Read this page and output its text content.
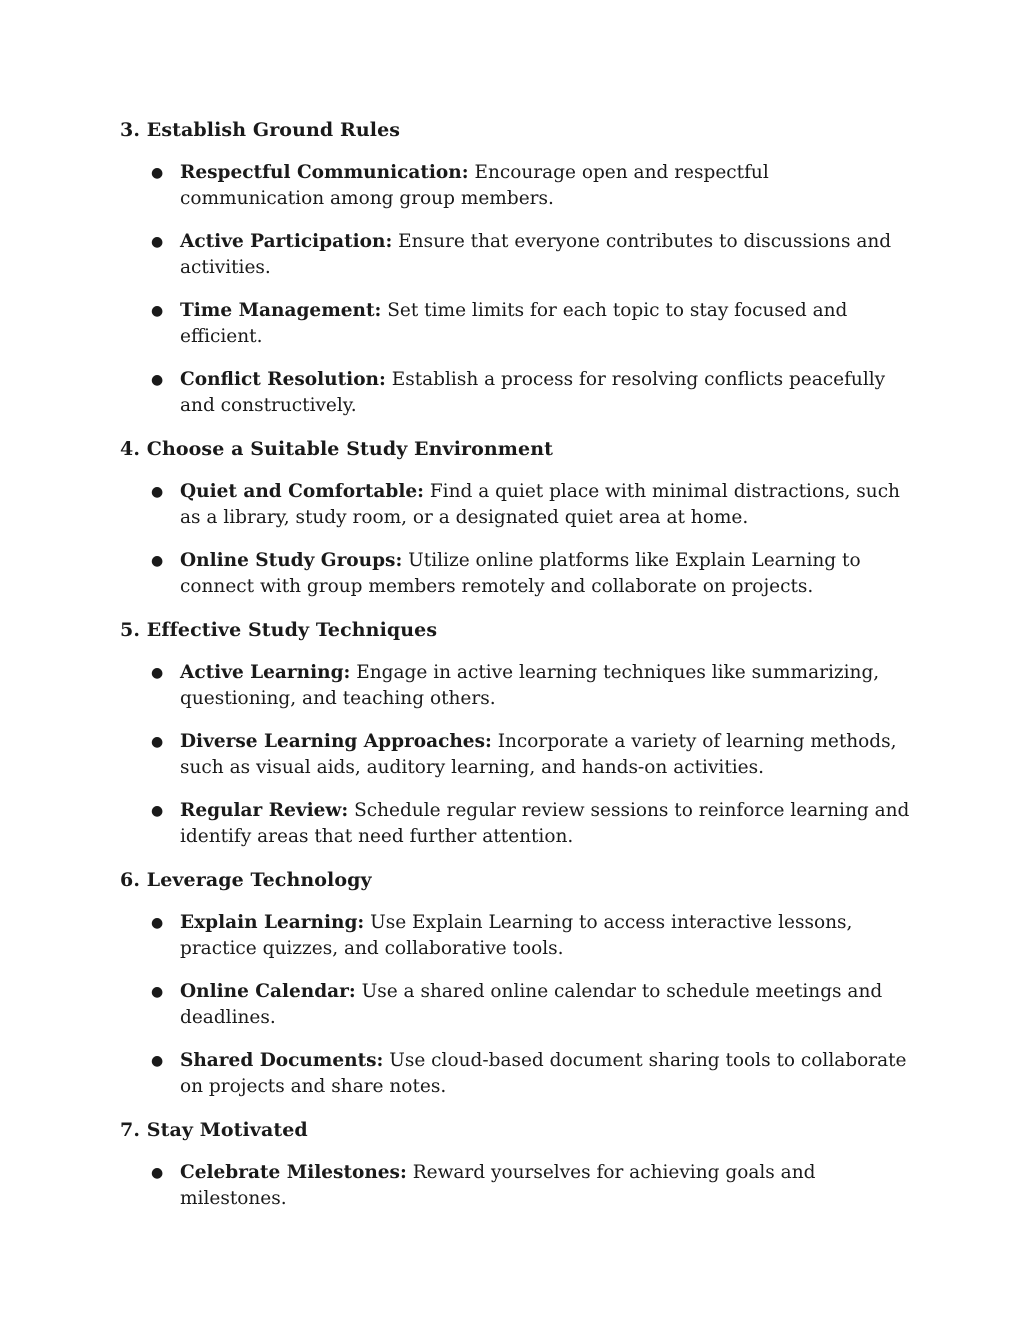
3. Establish Ground Rules
● Respectful Communication: Encourage open and respectful communication among group members.
● Active Participation: Ensure that everyone contributes to discussions and activities.
● Time Management: Set time limits for each topic to stay focused and efficient.
● Conflict Resolution: Establish a process for resolving conflicts peacefully and constructively.
4. Choose a Suitable Study Environment
● Quiet and Comfortable: Find a quiet place with minimal distractions, such as a library, study room, or a designated quiet area at home.
● Online Study Groups: Utilize online platforms like Explain Learning to connect with group members remotely and collaborate on projects.
5. Effective Study Techniques
● Active Learning: Engage in active learning techniques like summarizing, questioning, and teaching others.
● Diverse Learning Approaches: Incorporate a variety of learning methods, such as visual aids, auditory learning, and hands-on activities.
● Regular Review: Schedule regular review sessions to reinforce learning and identify areas that need further attention.
6. Leverage Technology
● Explain Learning: Use Explain Learning to access interactive lessons, practice quizzes, and collaborative tools.
● Online Calendar: Use a shared online calendar to schedule meetings and deadlines.
● Shared Documents: Use cloud-based document sharing tools to collaborate on projects and share notes.
7. Stay Motivated
● Celebrate Milestones: Reward yourselves for achieving goals and milestones.
